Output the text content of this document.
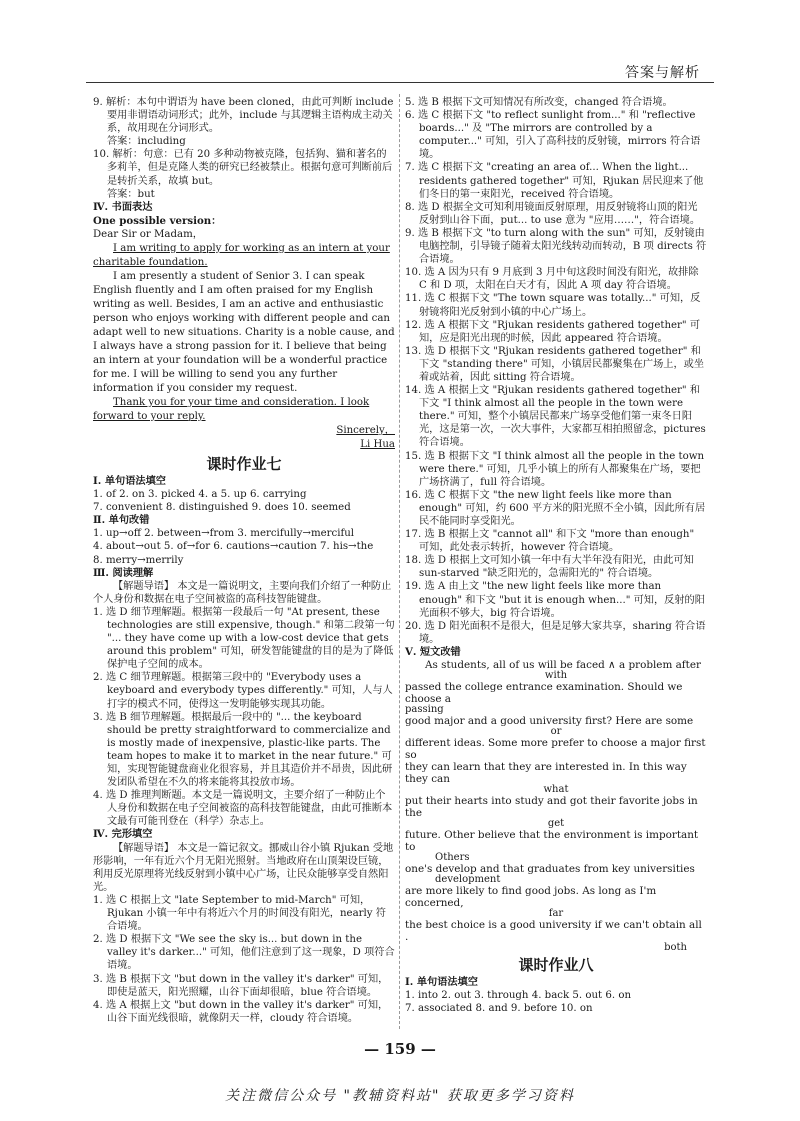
答案与解析

9. 解析：本句中谓语为 have been cloned，由此可判断 include 要用非谓语动词形式；此外，include 与其逻辑主语构成主动关系，故用现在分词形式。

答案：including

10. 解析：句意：已有 20 多种动物被克隆，包括狗、猫和著名的多莉羊，但是克隆人类的研究已经被禁止。根据句意可判断前后是转折关系，故填 but。

答案：but

Ⅳ. 书面表达

One possible version：

Dear Sir or Madam，

I am writing to apply for working as an intern at your charitable foundation.

I am presently a student of Senior 3. I can speak English fluently and I am often praised for my English writing as well. Besides, I am an active and enthusiastic person who enjoys working with different people and can adapt well to new situations. Charity is a noble cause, and I always have a strong passion for it. I believe that being an intern at your foundation will be a wonderful practice for me. I will be willing to send you any further information if you consider my request.

Thank you for your time and consideration. I look forward to your reply.

Sincerely，

Li Hua

课时作业七

Ⅰ. 单句语法填空

1. of 2. on 3. picked 4. a 5. up 6. carrying

7. convenient 8. distinguished 9. does 10. seemed

Ⅱ. 单句改错

1. up→off 2. between→from 3. mercifully→merciful

4. about→out 5. of→for 6. cautions→caution 7. his→the

8. merry→merrily

Ⅲ. 阅读理解

【解题导语】 本文是一篇说明文，主要向我们介绍了一种防止个人身份和数据在电子空间被盗的高科技智能键盘。

1. 选 D 细节理解题。根据第一段最后一句 "At present, these technologies are still expensive, though." 和第二段第一句 "... they have come up with a low-cost device that gets around this problem" 可知，研发智能键盘的目的是为了降低保护电子空间的成本。

2. 选 C 细节理解题。根据第三段中的 "Everybody uses a keyboard and everybody types differently." 可知，人与人打字的模式不同，使得这一发明能够实现其功能。

3. 选 B 细节理解题。根据最后一段中的 "... the keyboard should be pretty straightforward to commercialize and is mostly made of inexpensive, plastic-like parts. The team hopes to make it to market in the near future." 可知，实现智能键盘商业化很容易，并且其造价并不昂贵，因此研发团队希望在不久的将来能将其投放市场。

4. 选 D 推理判断题。本文是一篇说明文，主要介绍了一种防止个人身份和数据在电子空间被盗的高科技智能键盘，由此可推断本文最有可能刊登在（科学）杂志上。

Ⅳ. 完形填空

【解题导语】 本文是一篇记叙文。挪威山谷小镇 Rjukan 受地形影响，一年有近六个月无阳光照射。当地政府在山顶架设巨镜，利用反光原理将光线反射到小镇中心广场，让民众能够享受自然阳光。

1. 选 C 根据上文 "late September to mid-March" 可知，Rjukan 小镇一年中有将近六个月的时间没有阳光，nearly 符合语境。

2. 选 D 根据下文 "We see the sky is... but down in the valley it's darker..." 可知，他们注意到了这一现象，D 项符合语境。

3. 选 B 根据下文 "but down in the valley it's darker" 可知，即使是蓝天，阳光照耀，山谷下面却很暗，blue 符合语境。

4. 选 A 根据上文 "but down in the valley it's darker" 可知，山谷下面光线很暗，就像阴天一样，cloudy 符合语境。

5. 选 B 根据下文可知情况有所改变，changed 符合语境。

6. 选 C 根据下文 "to reflect sunlight from..." 和 "reflective boards..." 及 "The mirrors are controlled by a computer..." 可知，引入了高科技的反射镜，mirrors 符合语境。

7. 选 C 根据下文 "creating an area of... When the light... residents gathered together" 可知，Rjukan 居民迎来了他们冬日的第一束阳光，received 符合语境。

8. 选 D 根据全文可知利用镜面反射原理，用反射镜将山顶的阳光反射到山谷下面，put... to use 意为 "应用……"，符合语境。

9. 选 B 根据下文 "to turn along with the sun" 可知，反射镜由电脑控制，引导镜子随着太阳光线转动而转动，B 项 directs 符合语境。

10. 选 A 因为只有 9 月底到 3 月中旬这段时间没有阳光，故排除 C 和 D 项，太阳在白天才有，因此 A 项 day 符合语境。

11. 选 C 根据下文 "The town square was totally..." 可知，反射镜将阳光反射到小镇的中心广场上。

12. 选 A 根据下文 "Rjukan residents gathered together" 可知，应是阳光出现的时候，因此 appeared 符合语境。

13. 选 D 根据下文 "Rjukan residents gathered together" 和下文 "standing there" 可知，小镇居民都聚集在广场上，或坐着或站着，因此 sitting 符合语境。

14. 选 A 根据上文 "Rjukan residents gathered together" 和下文 "I think almost all the people in the town were there." 可知，整个小镇居民都来广场享受他们第一束冬日阳光，这是第一次，一次大事件，大家都互相拍照留念，pictures 符合语境。

15. 选 B 根据下文 "I think almost all the people in the town were there." 可知，几乎小镇上的所有人都聚集在广场，要把广场挤满了，full 符合语境。

16. 选 C 根据下文 "the new light feels like more than enough" 可知，约 600 平方米的阳光照不全小镇，因此所有居民不能同时享受阳光。

17. 选 B 根据上文 "cannot all" 和下文 "more than enough" 可知，此处表示转折，however 符合语境。

18. 选 D 根据上文可知小镇一年中有大半年没有阳光，由此可知 sun-starved "缺乏阳光的，急需阳光的" 符合语境。

19. 选 A 由上文 "the new light feels like more than enough" 和下文 "but it is enough when..." 可知，反射的阳光面积不够大，big 符合语境。

20. 选 D 阳光面积不是很大，但是足够大家共享，sharing 符合语境。

Ⅴ. 短文改错

As students, all of us will be faced ∧ a problem after

with

passed the college entrance examination. Should we choose a

passing

good major and a good university first? Here are some

or

different ideas. Some more prefer to choose a major first so

they can learn that they are interested in. In this way they can

what

put their hearts into study and got their favorite jobs in the

get

future. Other believe that the environment is important to

Others

one's develop and that graduates from key universities

development

are more likely to find good jobs. As long as I'm concerned,

far

the best choice is a good university if we can't obtain all .

both
课时作业八

Ⅰ. 单句语法填空

1. into 2. out 3. through 4. back 5. out 6. on

7. associated 8. and 9. before 10. on

— 159 —
关注微信公众号 "教辅资料站" 获取更多学习资料
